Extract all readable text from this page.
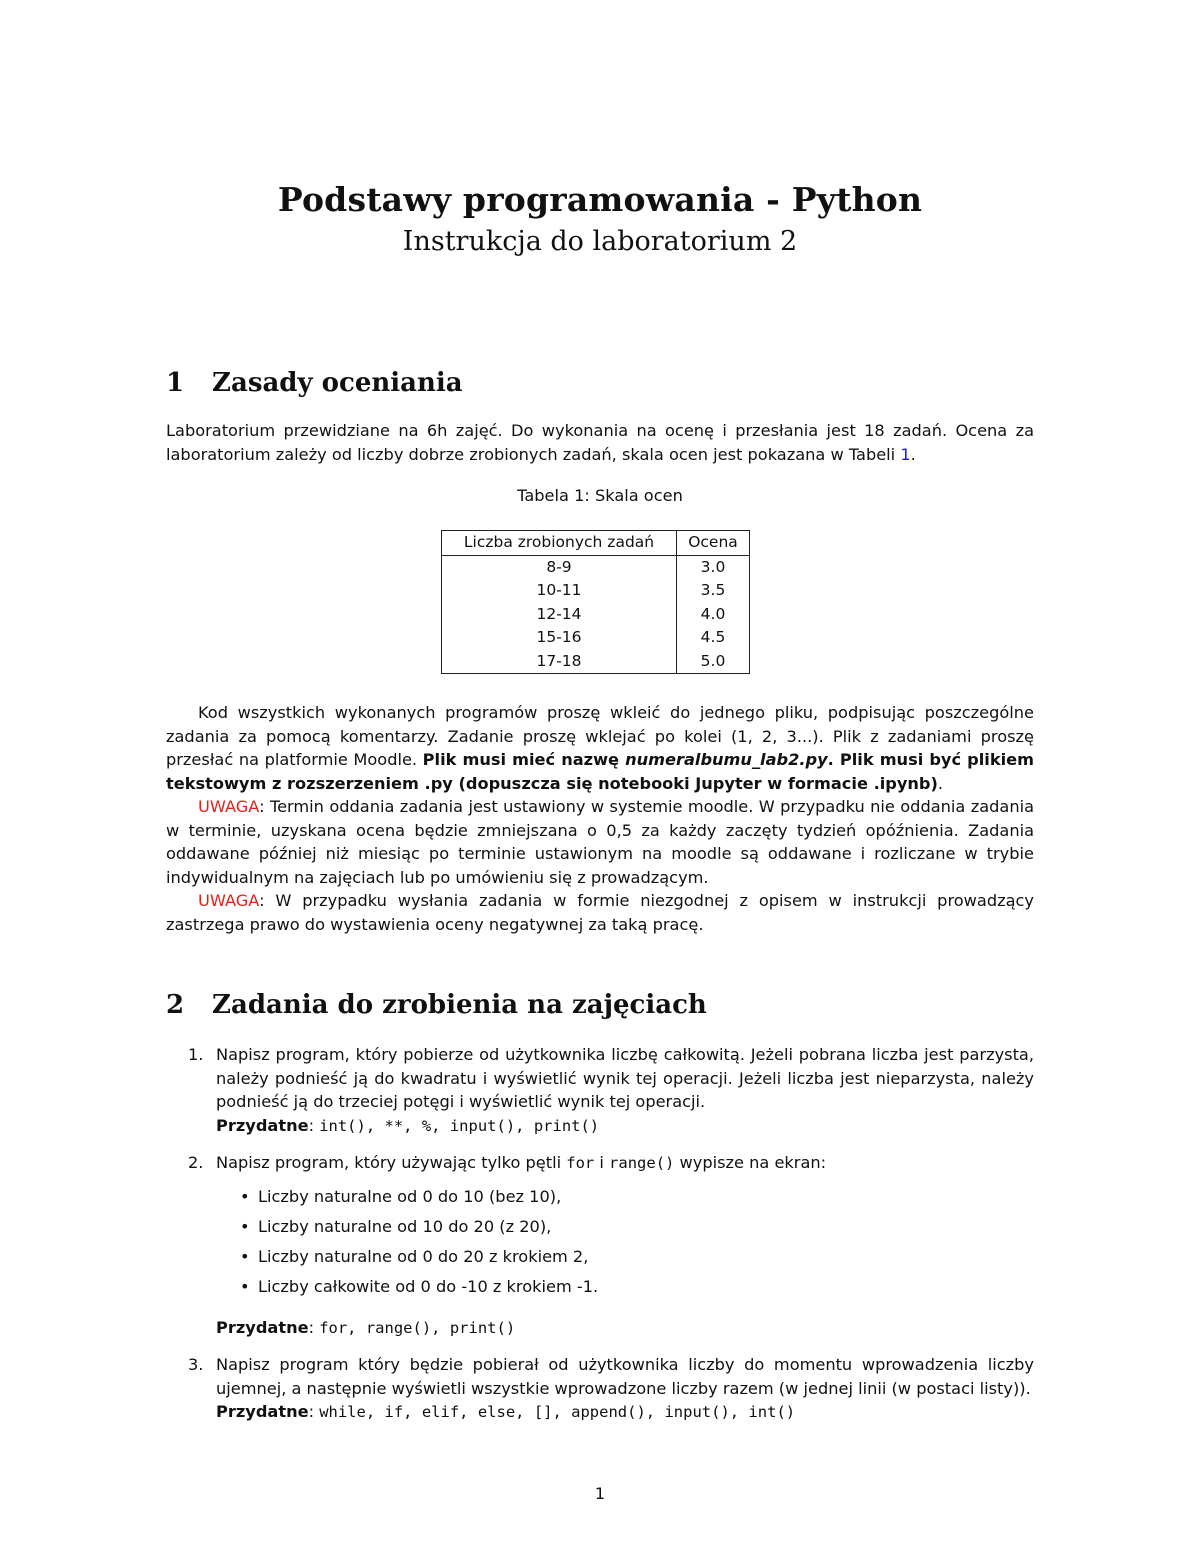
Podstawy programowania - Python
Instrukcja do laboratorium 2
1 Zasady oceniania

Laboratorium przewidziane na 6h zajęć. Do wykonania na ocenę i przesłania jest 18 zadań. Ocena za laboratorium zależy od liczby dobrze zrobionych zadań, skala ocen jest pokazana w Tabeli 1.

Tabela 1: Skala ocen
Liczba zrobionych zadań	Ocena
8-9	3.0
10-11	3.5
12-14	4.0
15-16	4.5
17-18	5.0

Kod wszystkich wykonanych programów proszę wkleić do jednego pliku, podpisując poszczególne zadania za pomocą komentarzy. Zadanie proszę wklejać po kolei (1, 2, 3...). Plik z zadaniami proszę przesłać na platformie Moodle. Plik musi mieć nazwę numeralbumu_lab2.py. Plik musi być plikiem tekstowym z rozszerzeniem .py (dopuszcza się notebooki Jupyter w formacie .ipynb).

UWAGA: Termin oddania zadania jest ustawiony w systemie moodle. W przypadku nie oddania zadania w terminie, uzyskana ocena będzie zmniejszana o 0,5 za każdy zaczęty tydzień opóźnienia. Zadania oddawane później niż miesiąc po terminie ustawionym na moodle są oddawane i rozliczane w trybie indywidualnym na zajęciach lub po umówieniu się z prowadzącym.

UWAGA: W przypadku wysłania zadania w formie niezgodnej z opisem w instrukcji prowadzący zastrzega prawo do wystawienia oceny negatywnej za taką pracę.

2 Zadania do zrobienia na zajęciach
1. Napisz program, który pobierze od użytkownika liczbę całkowitą. Jeżeli pobrana liczba jest parzysta, należy podnieść ją do kwadratu i wyświetlić wynik tej operacji. Jeżeli liczba jest nieparzysta, należy podnieść ją do trzeciej potęgi i wyświetlić wynik tej operacji.
Przydatne: int(), **, %, input(), print()
2. Napisz program, który używając tylko pętli for i range() wypisze na ekran:
• Liczby naturalne od 0 do 10 (bez 10),
• Liczby naturalne od 10 do 20 (z 20),
• Liczby naturalne od 0 do 20 z krokiem 2,
• Liczby całkowite od 0 do -10 z krokiem -1.
Przydatne: for, range(), print()
3. Napisz program który będzie pobierał od użytkownika liczby do momentu wprowadzenia liczby ujemnej, a następnie wyświetli wszystkie wprowadzone liczby razem (w jednej linii (w postaci listy)).
Przydatne: while, if, elif, else, [], append(), input(), int()
1
